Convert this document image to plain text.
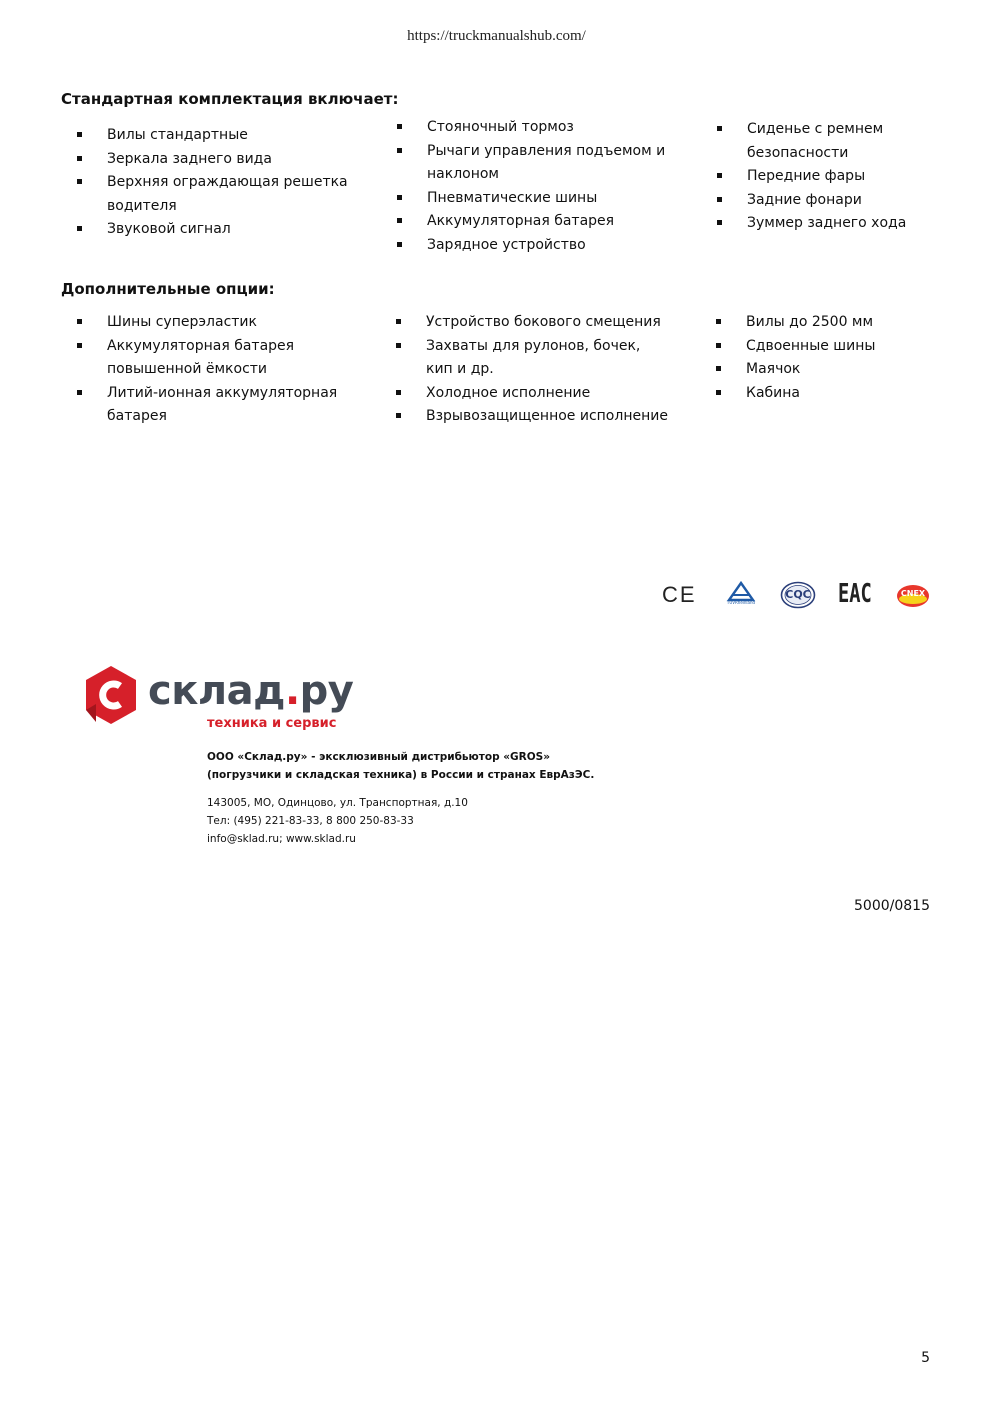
https://truckmanualshub.com/
Стандартная комплектация включает:
Вилы стандартные
Зеркала заднего вида
Верхняя ограждающая решетка водителя
Звуковой сигнал
Стояночный тормоз
Рычаги управления подъемом и наклоном
Пневматические шины
Аккумуляторная батарея
Зарядное устройство
Сиденье с ремнем безопасности
Передние фары
Задние фонари
Зуммер заднего хода
Дополнительные опции:
Шины суперэластик
Аккумуляторная батарея повышенной ёмкости
Литий-ионная аккумуляторная батарея
Устройство бокового смещения
Захваты для рулонов, бочек, кип и др.
Холодное исполнение
Взрывозащищенное исполнение
Вилы до 2500 мм
Сдвоенные шины
Маячок
Кабина
CE	TÜVRheinland
CQC EAC	CNEX
склад.ру
техника и сервис
ООО «Склад.ру» - эксклюзивный дистрибьютор «GROS»
(погрузчики и складская техника) в России и странах ЕврАзЭС.
143005, МО, Одинцово, ул. Транспортная, д.10
Тел: (495) 221-83-33, 8 800 250-83-33
info@sklad.ru; www.sklad.ru
5000/0815
5
